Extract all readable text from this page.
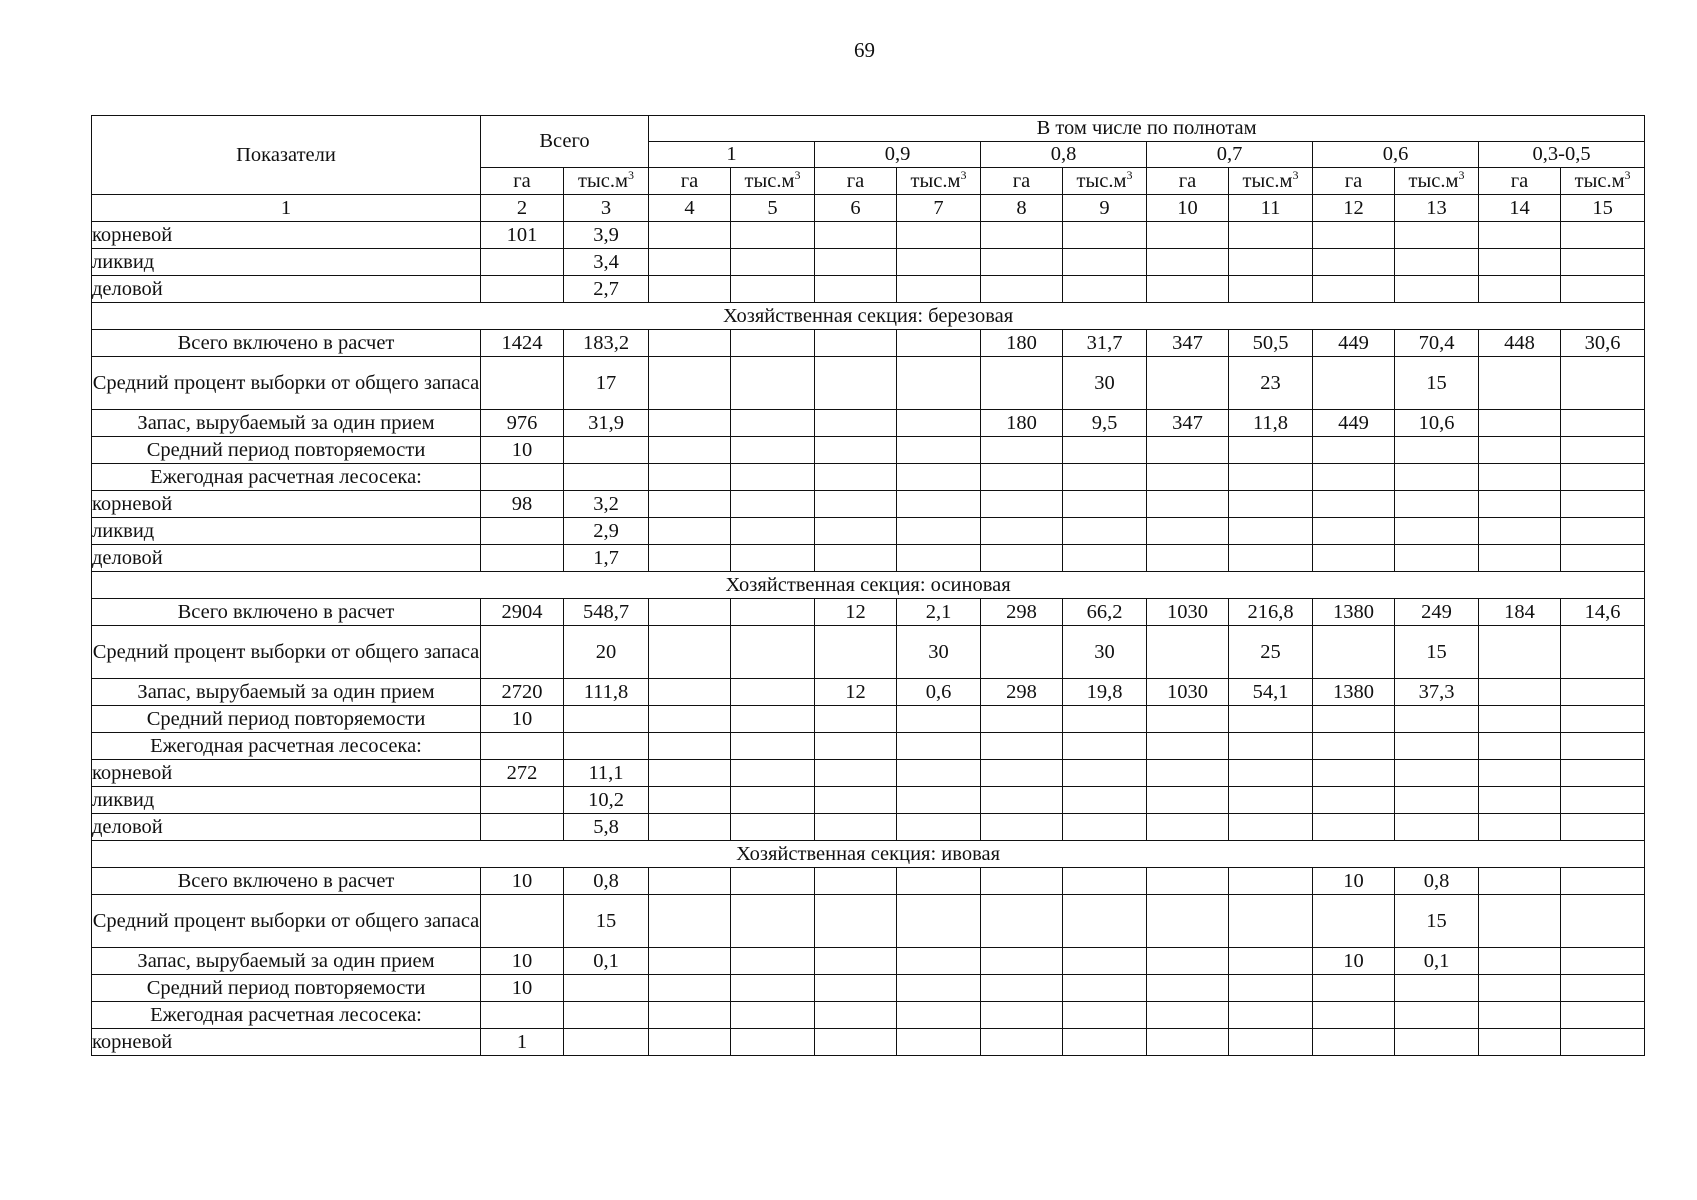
69
Показатели	Всего		В том числе по полнотам											
			1		0,9		0,8		0,7		0,6		0,3-0,5	
	га	$тыс.м^3$	га	$тыс.м^3$	га	$тыс.м^3$	га	$тыс.м^3$	га	$тыс.м^3$	га	$тыс.м^3$	га	$тыс.м^3$
1	2	3	4	5	6	7	8	9	10	11	12	13	14	15
корневой	101	3,9												
ликвид		3,4												
деловой		2,7												
Хозяйственная секция: березовая														
Всего включено в расчет	1424	183,2					180	31,7	347	50,5	449	70,4	448	30,6
Средний процент выборки от общего запаса		17						30		23		15		
Запас, вырубаемый за один прием	976	31,9					180	9,5	347	11,8	449	10,6		
Средний период повторяемости	10													
Ежегодная расчетная лесосека:														
корневой	98	3,2												
ликвид		2,9												
деловой		1,7												
Хозяйственная секция: осиновая														
Всего включено в расчет	2904	548,7			12	2,1	298	66,2	1030	216,8	1380	249	184	14,6
Средний процент выборки от общего запаса		20				30		30		25		15		
Запас, вырубаемый за один прием	2720	111,8			12	0,6	298	19,8	1030	54,1	1380	37,3		
Средний период повторяемости	10													
Ежегодная расчетная лесосека:														
корневой	272	11,1												
ликвид		10,2												
деловой		5,8												
Хозяйственная секция: ивовая														
Всего включено в расчет	10	0,8									10	0,8		
Средний процент выборки от общего запаса		15										15		
Запас, вырубаемый за один прием	10	0,1									10	0,1		
Средний период повторяемости	10													
Ежегодная расчетная лесосека:														
корневой	1													
